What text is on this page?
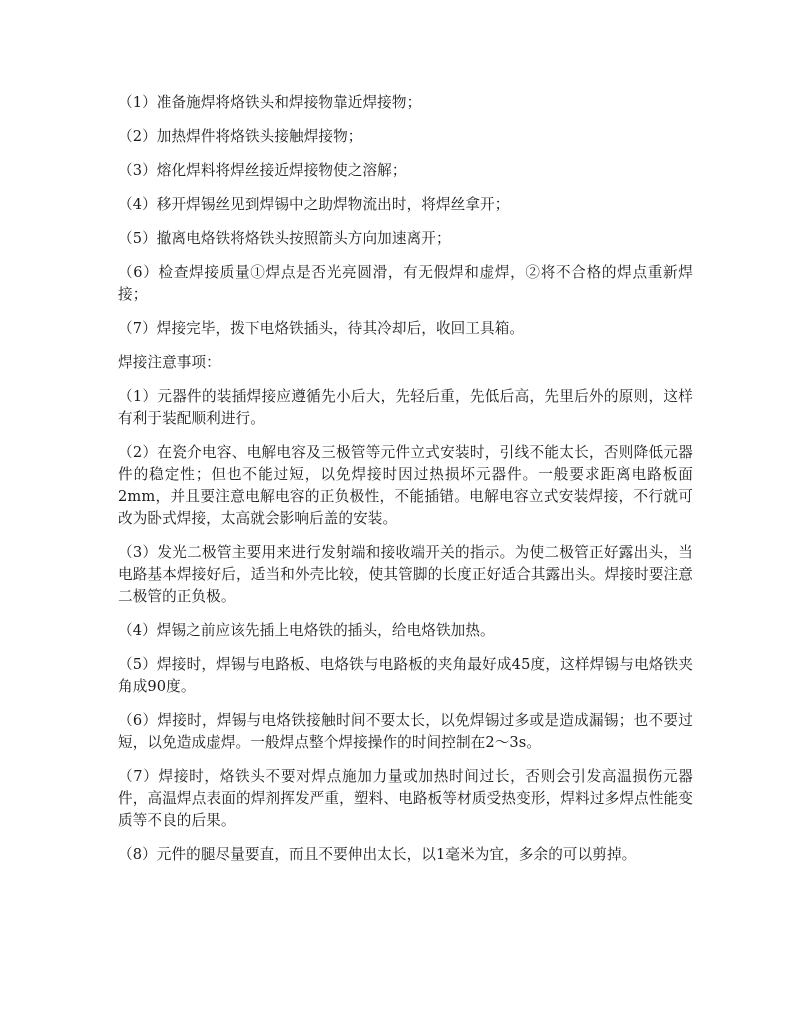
（1）准备施焊将烙铁头和焊接物靠近焊接物；

（2）加热焊件将烙铁头接触焊接物；

（3）熔化焊料将焊丝接近焊接物使之溶解；

（4）移开焊锡丝见到焊锡中之助焊物流出时，将焊丝拿开；

（5）撤离电烙铁将烙铁头按照箭头方向加速离开；

（6）检查焊接质量①焊点是否光亮圆滑，有无假焊和虚焊，②将不合格的焊点重新焊接；

（7）焊接完毕，拨下电烙铁插头，待其冷却后，收回工具箱。

焊接注意事项：

（1）元器件的装插焊接应遵循先小后大，先轻后重，先低后高，先里后外的原则，这样有利于装配顺利进行。

（2）在瓷介电容、电解电容及三极管等元件立式安装时，引线不能太长，否则降低元器件的稳定性；但也不能过短，以免焊接时因过热损坏元器件。一般要求距离电路板面2mm，并且要注意电解电容的正负极性，不能插错。电解电容立式安装焊接，不行就可改为卧式焊接，太高就会影响后盖的安装。

（3）发光二极管主要用来进行发射端和接收端开关的指示。为使二极管正好露出头，当电路基本焊接好后，适当和外壳比较，使其管脚的长度正好适合其露出头。焊接时要注意二极管的正负极。

（4）焊锡之前应该先插上电烙铁的插头，给电烙铁加热。

（5）焊接时，焊锡与电路板、电烙铁与电路板的夹角最好成45度，这样焊锡与电烙铁夹角成90度。

（6）焊接时，焊锡与电烙铁接触时间不要太长，以免焊锡过多或是造成漏锡；也不要过短，以免造成虚焊。一般焊点整个焊接操作的时间控制在2～3s。

（7）焊接时，烙铁头不要对焊点施加力量或加热时间过长，否则会引发高温损伤元器件，高温焊点表面的焊剂挥发严重，塑料、电路板等材质受热变形，焊料过多焊点性能变质等不良的后果。

（8）元件的腿尽量要直，而且不要伸出太长，以1毫米为宜，多余的可以剪掉。
